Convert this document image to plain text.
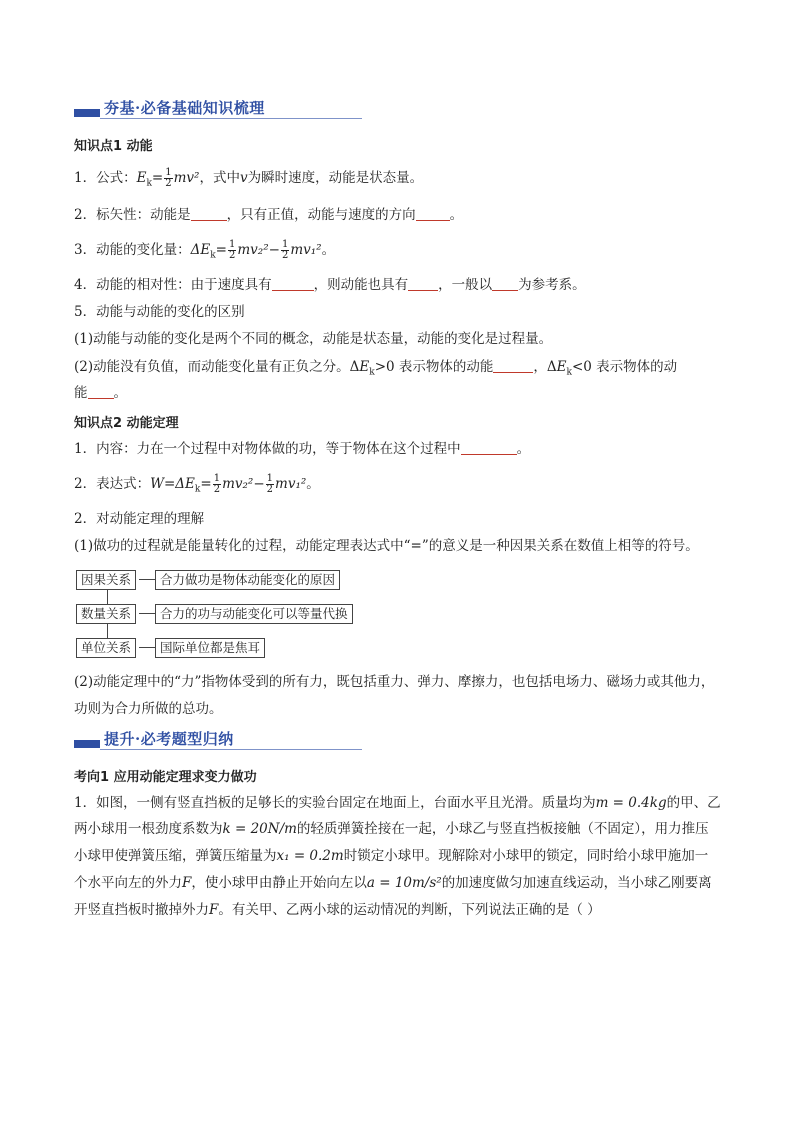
夯基·必备基础知识梳理
知识点1 动能
1．公式：$E_k= \frac{1}{2} mv^2$，式中v为瞬时速度，动能是状态量。
2．标矢性：动能是	，只有正值，动能与速度的方向	。
3．动能的变化量：$\Delta E_k= \frac{1}{2} mv_2^2- \frac{1}{2} mv_1^2$。
4．动能的相对性：由于速度具有	，则动能也具有 ，一般以 为参考系。
5．动能与动能的变化的区别
(1)动能与动能的变化是两个不同的概念，动能是状态量，动能的变化是过程量。
(2)动能没有负值，而动能变化量有正负之分。$\Delta E_k>0$ 表示物体的动能	，$\Delta E_k<0$ 表示物体的动
能 。
知识点2 动能定理
1．内容：力在一个过程中对物体做的功，等于物体在这个过程中	。
2．表达式：$W=\Delta E_k= \frac{1}{2} mv_2^2- \frac{1}{2} mv_1^2$。
2．对动能定理的理解
(1)做功的过程就是能量转化的过程，动能定理表达式中“=”的意义是一种因果关系在数值上相等的符号。
因果关系	合力做功是物体动能变化的原因
数量关系	合力的功与动能变化可以等量代换
单位关系	国际单位都是焦耳
(2)动能定理中的“力”指物体受到的所有力，既包括重力、弹力、摩擦力，也包括电场力、磁场力或其他力，
功则为合力所做的总功。
提升·必考题型归纳
考向1 应用动能定理求变力做功
1．如图，一侧有竖直挡板的足够长的实验台固定在地面上，台面水平且光滑。质量均为m = 0.4kg的甲、乙
两小球用一根劲度系数为k = 20N/m的轻质弹簧拴接在一起，小球乙与竖直挡板接触（不固定），用力推压
小球甲使弹簧压缩，弹簧压缩量为x₁ = 0.2m时锁定小球甲。现解除对小球甲的锁定，同时给小球甲施加一
个水平向左的外力F，使小球甲由静止开始向左以a = 10m/s²的加速度做匀加速直线运动，当小球乙刚要离
开竖直挡板时撤掉外力F。有关甲、乙两小球的运动情况的判断，下列说法正确的是（ ）
